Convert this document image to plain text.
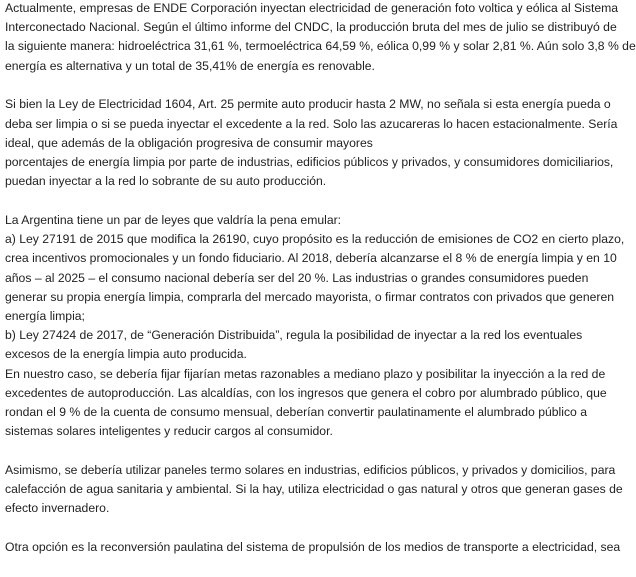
Actualmente, empresas de ENDE Corporación inyectan electricidad de generación foto voltica y eólica al Sistema
Interconectado Nacional. Según el último informe del CNDC, la producción bruta del mes de julio se distribuyó de
la siguiente manera: hidroeléctrica 31,61 %, termoeléctrica 64,59 %, eólica 0,99 % y solar 2,81 %. Aún solo 3,8 % de
energía es alternativa y un total de 35,41% de energía es renovable.
Si bien la Ley de Electricidad 1604, Art. 25 permite auto producir hasta 2 MW, no señala si esta energía pueda o
deba ser limpia o si se pueda inyectar el excedente a la red. Solo las azucareras lo hacen estacionalmente. Sería
ideal, que además de la obligación progresiva de consumir mayores
porcentajes de energía limpia por parte de industrias, edificios públicos y privados, y consumidores domiciliarios,
puedan inyectar a la red lo sobrante de su auto producción.
La Argentina tiene un par de leyes que valdría la pena emular:
a) Ley 27191 de 2015 que modifica la 26190, cuyo propósito es la reducción de emisiones de CO2 en cierto plazo,
crea incentivos promocionales y un fondo fiduciario. Al 2018, debería alcanzarse el 8 % de energía limpia y en 10
años – al 2025 – el consumo nacional debería ser del 20 %. Las industrias o grandes consumidores pueden
generar su propia energía limpia, comprarla del mercado mayorista, o firmar contratos con privados que generen
energía limpia;
b) Ley 27424 de 2017, de “Generación Distribuida”, regula la posibilidad de inyectar a la red los eventuales
excesos de la energía limpia auto producida.
En nuestro caso, se debería fijar fijarían metas razonables a mediano plazo y posibilitar la inyección a la red de
excedentes de autoproducción. Las alcaldías, con los ingresos que genera el cobro por alumbrado público, que
rondan el 9 % de la cuenta de consumo mensual, deberían convertir paulatinamente el alumbrado público a
sistemas solares inteligentes y reducir cargos al consumidor.
Asimismo, se debería utilizar paneles termo solares en industrias, edificios públicos, y privados y domicilios, para
calefacción de agua sanitaria y ambiental. Si la hay, utiliza electricidad o gas natural y otros que generan gases de
efecto invernadero.
Otra opción es la reconversión paulatina del sistema de propulsión de los medios de transporte a electricidad, sea
